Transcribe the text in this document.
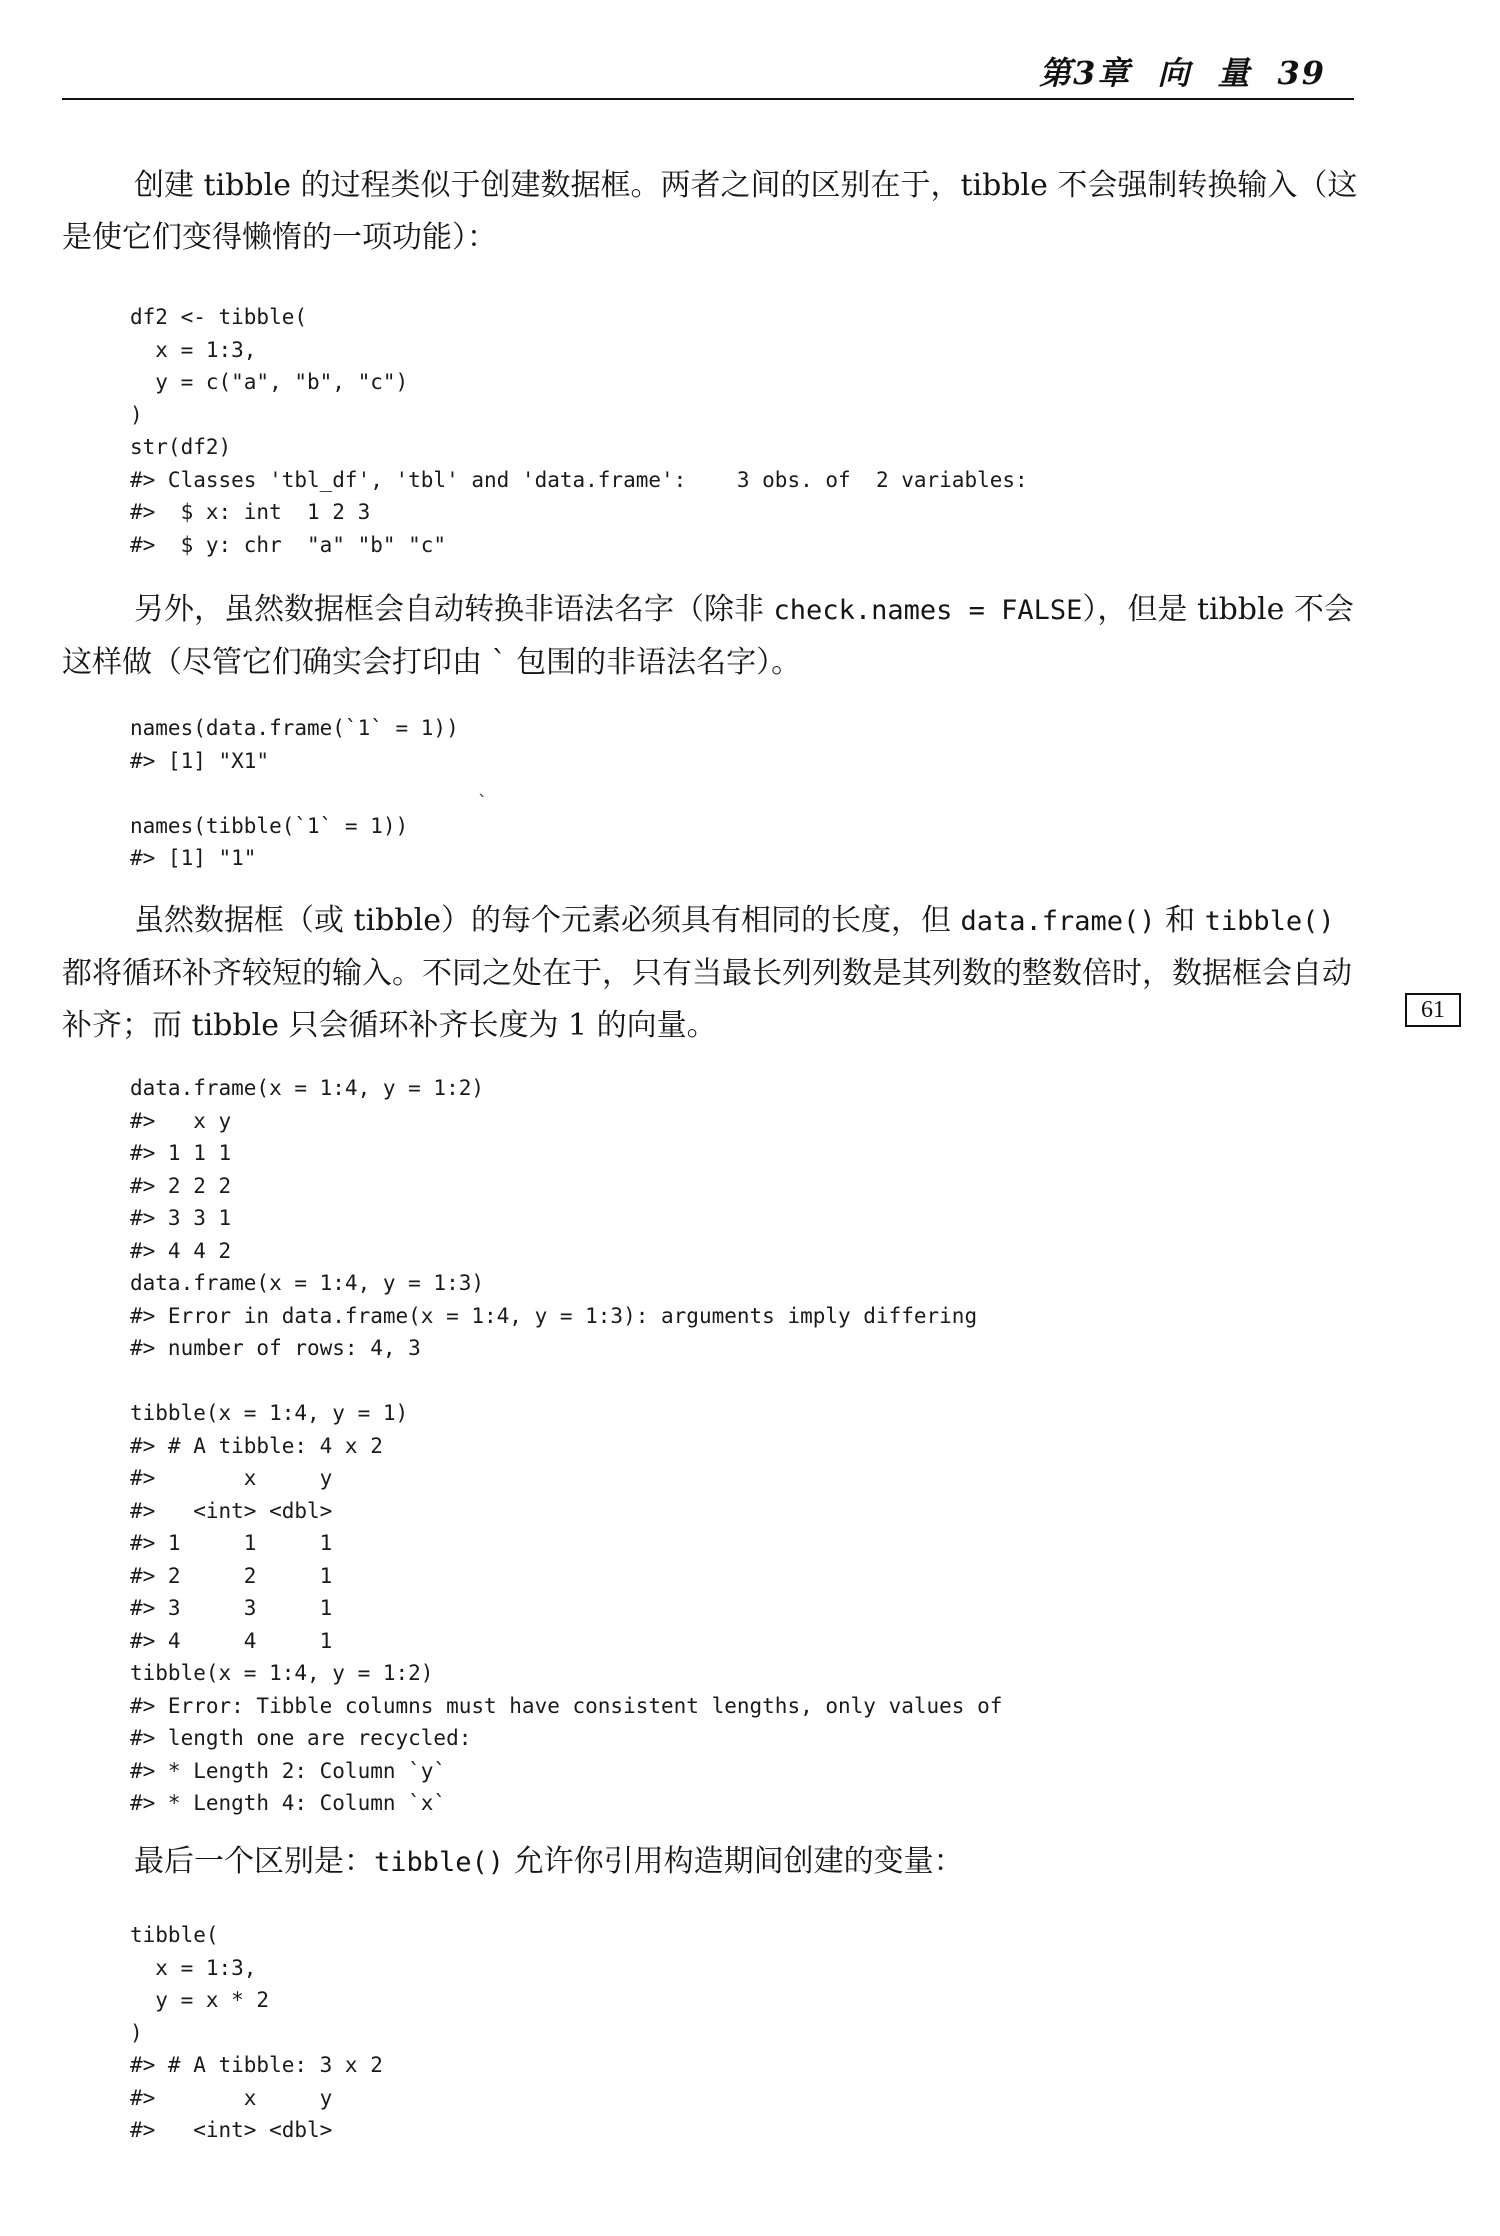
第3章 向 量 39

创建 tibble 的过程类似于创建数据框。两者之间的区别在于，tibble 不会强制转换输入（这是使它们变得懒惰的一项功能）：

df2 <- tibble(
x = 1:3,
y = c("a", "b", "c")
)
str(df2)
#> Classes 'tbl_df', 'tbl' and 'data.frame':    3 obs. of  2 variables:
#>  $ x: int  1 2 3
#>  $ y: chr  "a" "b" "c"

另外，虽然数据框会自动转换非语法名字（除非 check.names = FALSE），但是 tibble 不会这样做（尽管它们确实会打印由 ` 包围的非语法名字）。

names(data.frame(`1` = 1))
#> [1] "X1"

names(tibble(`1` = 1))
#> [1] "1"
`

虽然数据框（或 tibble）的每个元素必须具有相同的长度，但 data.frame() 和 tibble() 都将循环补齐较短的输入。不同之处在于，只有当最长列列数是其列数的整数倍时，数据框会自动补齐；而 tibble 只会循环补齐长度为 1 的向量。	61
data.frame(x = 1:4, y = 1:2)
#>   x y
#> 1 1 1
#> 2 2 2
#> 3 3 1
#> 4 4 2
data.frame(x = 1:4, y = 1:3)
#> Error in data.frame(x = 1:4, y = 1:3): arguments imply differing
#> number of rows: 4, 3

tibble(x = 1:4, y = 1)
#> # A tibble: 4 x 2
#>       x     y
#>   <int> <dbl>
#> 1     1     1
#> 2     2     1
#> 3     3     1
#> 4     4     1
tibble(x = 1:4, y = 1:2)
#> Error: Tibble columns must have consistent lengths, only values of
#> length one are recycled:
#> * Length 2: Column `y`
#> * Length 4: Column `x`

最后一个区别是：tibble() 允许你引用构造期间创建的变量：

tibble(
x = 1:3,
y = x * 2
)
#> # A tibble: 3 x 2
#>       x     y
#>   <int> <dbl>
